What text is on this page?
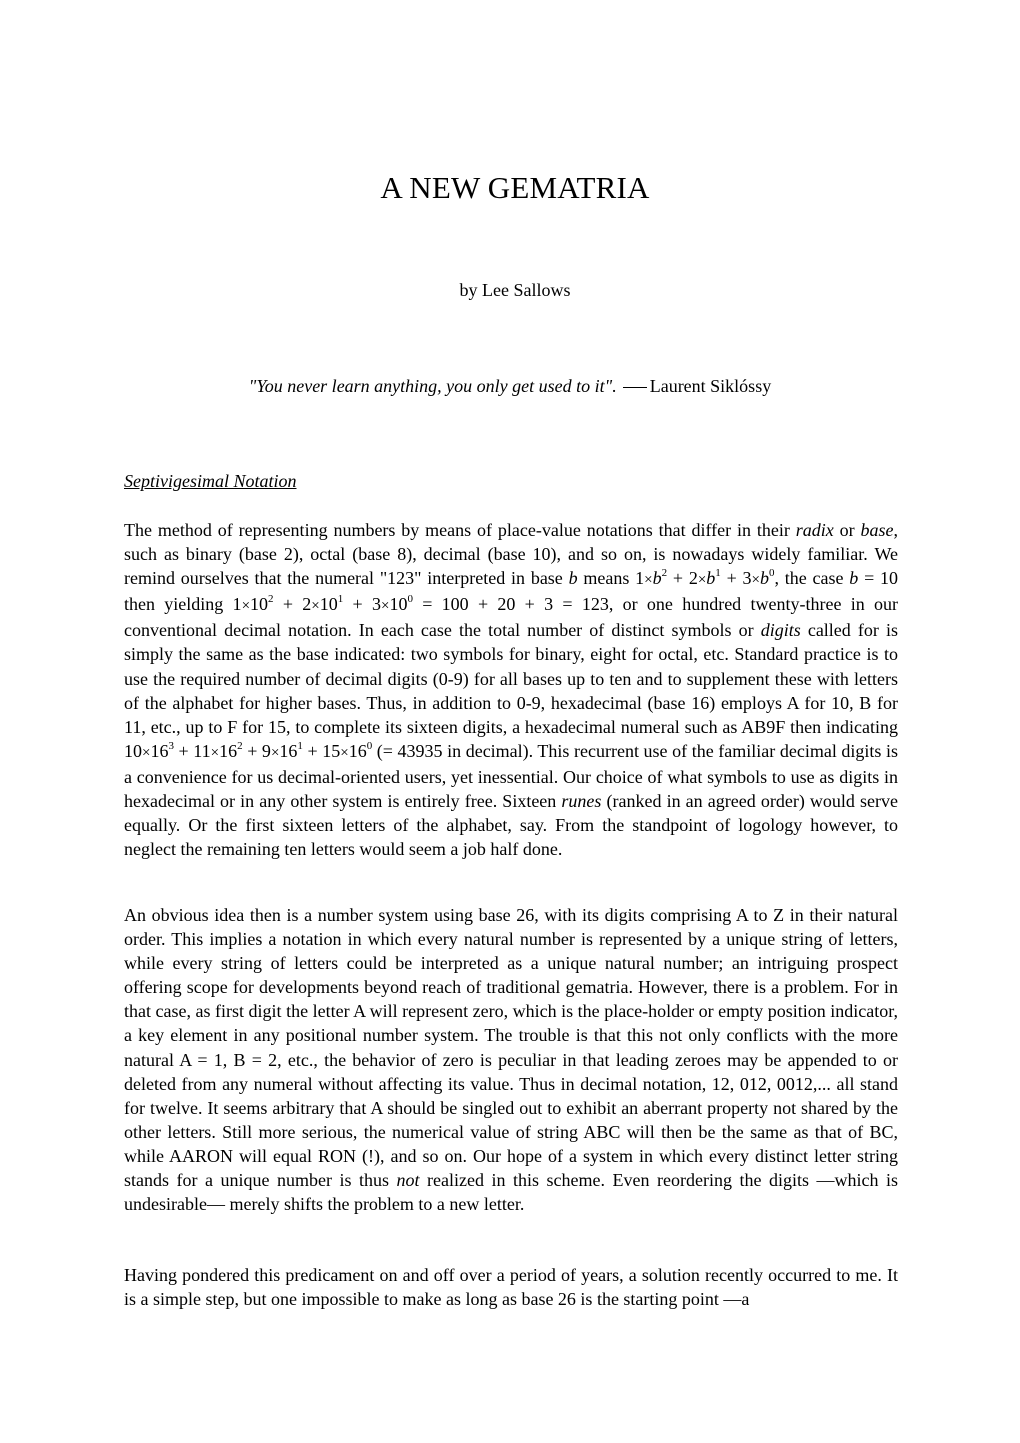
A NEW GEMATRIA

by Lee Sallows

"You never learn anything, you only get used to it". Laurent Siklóssy

Septivigesimal Notation

The method of representing numbers by means of place-value notations that differ in their radix or base, such as binary (base 2), octal (base 8), decimal (base 10), and so on, is nowadays widely familiar. We remind ourselves that the numeral "123" interpreted in base b means $1\times b^2 + 2\times b^1 + 3\times b^0$, the case b = 10 then yielding $1\times 10^2 + 2\times 10^1 + 3\times 10^0 = 100 + 20 + 3 = 123$, or one hundred twenty-three in our conventional decimal notation. In each case the total number of distinct symbols or digits called for is simply the same as the base indicated: two symbols for binary, eight for octal, etc. Standard practice is to use the required number of decimal digits (0-9) for all bases up to ten and to supplement these with letters of the alphabet for higher bases. Thus, in addition to 0-9, hexadecimal (base 16) employs A for 10, B for 11, etc., up to F for 15, to complete its sixteen digits, a hexadecimal numeral such as AB9F then indicating $10\times 16^3 + 11\times 16^2 + 9\times 16^1 + 15\times 16^0$ (= 43935 in decimal). This recurrent use of the familiar decimal digits is a convenience for us decimal-oriented users, yet inessential. Our choice of what symbols to use as digits in hexadecimal or in any other system is entirely free. Sixteen runes (ranked in an agreed order) would serve equally. Or the first sixteen letters of the alphabet, say. From the standpoint of logology however, to neglect the remaining ten letters would seem a job half done.

An obvious idea then is a number system using base 26, with its digits comprising A to Z in their natural order. This implies a notation in which every natural number is represented by a unique string of letters, while every string of letters could be interpreted as a unique natural number; an intriguing prospect offering scope for developments beyond reach of traditional gematria. However, there is a problem. For in that case, as first digit the letter A will represent zero, which is the place-holder or empty position indicator, a key element in any positional number system. The trouble is that this not only conflicts with the more natural A = 1, B = 2, etc., the behavior of zero is peculiar in that leading zeroes may be appended to or deleted from any numeral without affecting its value. Thus in decimal notation, 12, 012, 0012,... all stand for twelve. It seems arbitrary that A should be singled out to exhibit an aberrant property not shared by the other letters. Still more serious, the numerical value of string ABC will then be the same as that of BC, while AARON will equal RON (!), and so on. Our hope of a system in which every distinct letter string stands for a unique number is thus not realized in this scheme. Even reordering the digits —which is undesirable— merely shifts the problem to a new letter.

Having pondered this predicament on and off over a period of years, a solution recently occurred to me. It is a simple step, but one impossible to make as long as base 26 is the starting point —a
